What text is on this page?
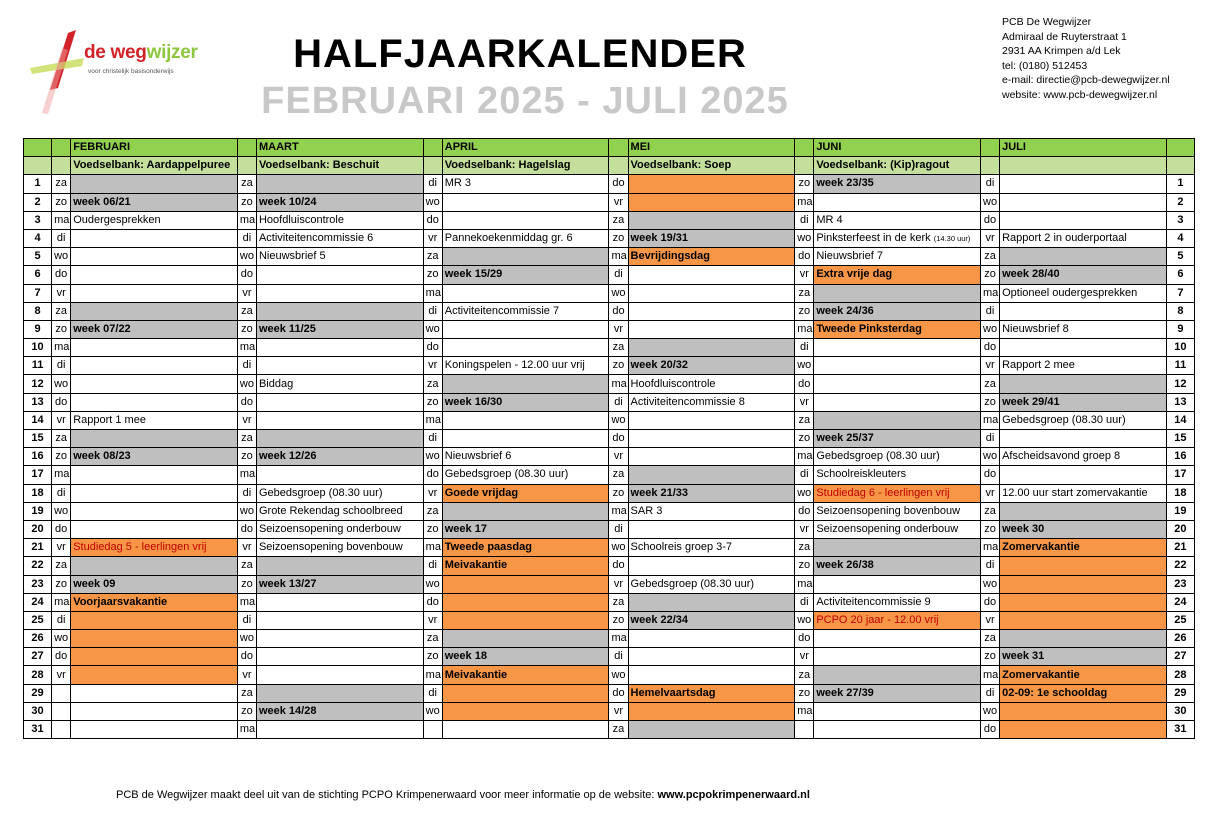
de wegwijzer
voor christelijk basisonderwijs	HALFJAARKALENDER
FEBRUARI 2025 - JULI 2025
PCB De Wegwijzer
Admiraal de Ruyterstraat 1
2931 AA Krimpen a/d Lek
tel: (0180) 512453
e-mail: directie@pcb-dewegwijzer.nl
website: www.pcb-dewegwijzer.nl
		FEBRUARI		MAART		APRIL		MEI		JUNI		JULI	
		Voedselbank: Aardappelpuree		Voedselbank: Beschuit		Voedselbank: Hagelslag		Voedselbank: Soep		Voedselbank: (Kip)ragout			
1	za		za		di	MR 3	do		zo	week 23/35	di		1
2	zo	week 06/21	zo	week 10/24	wo		vr		ma		wo		2
3	ma	Oudergesprekken	ma	Hoofdluiscontrole	do		za		di	MR 4	do		3
4	di		di	Activiteitencommissie 6	vr	Pannekoekenmiddag gr. 6	zo	week 19/31	wo	Pinksterfeest in de kerk (14.30 uur)	vr	Rapport 2 in ouderportaal	4
5	wo		wo	Nieuwsbrief 5	za		ma	Bevrijdingsdag	do	Nieuwsbrief 7	za		5
6	do		do		zo	week 15/29	di		vr	Extra vrije dag	zo	week 28/40	6
7	vr		vr		ma		wo		za		ma	Optioneel oudergesprekken	7
8	za		za		di	Activiteitencommissie 7	do		zo	week 24/36	di		8
9	zo	week 07/22	zo	week 11/25	wo		vr		ma	Tweede Pinksterdag	wo	Nieuwsbrief 8	9
10	ma		ma		do		za		di		do		10
11	di		di		vr	Koningspelen - 12.00 uur vrij	zo	week 20/32	wo		vr	Rapport 2 mee	11
12	wo		wo	Biddag	za		ma	Hoofdluiscontrole	do		za		12
13	do		do		zo	week 16/30	di	Activiteitencommissie 8	vr		zo	week 29/41	13
14	vr	Rapport 1 mee	vr		ma		wo		za		ma	Gebedsgroep (08.30 uur)	14
15	za		za		di		do		zo	week 25/37	di		15
16	zo	week 08/23	zo	week 12/26	wo	Nieuwsbrief 6	vr		ma	Gebedsgroep (08.30 uur)	wo	Afscheidsavond groep 8	16
17	ma		ma		do	Gebedsgroep (08.30 uur)	za		di	Schoolreiskleuters	do		17
18	di		di	Gebedsgroep (08.30 uur)	vr	Goede vrijdag	zo	week 21/33	wo	Studiedag 6 - leerlingen vrij	vr	12.00 uur start zomervakantie	18
19	wo		wo	Grote Rekendag schoolbreed	za		ma	SAR 3	do	Seizoensopening bovenbouw	za		19
20	do		do	Seizoensopening onderbouw	zo	week 17	di		vr	Seizoensopening onderbouw	zo	week 30	20
21	vr	Studiedag 5 - leerlingen vrij	vr	Seizoensopening bovenbouw	ma	Tweede paasdag	wo	Schoolreis groep 3-7	za		ma	Zomervakantie	21
22	za		za		di	Meivakantie	do		zo	week 26/38	di		22
23	zo	week 09	zo	week 13/27	wo		vr	Gebedsgroep (08.30 uur)	ma		wo		23
24	ma	Voorjaarsvakantie	ma		do		za		di	Activiteitencommissie 9	do		24
25	di		di		vr		zo	week 22/34	wo	PCPO 20 jaar - 12.00 vrij	vr		25
26	wo		wo		za		ma		do		za		26
27	do		do		zo	week 18	di		vr		zo	week 31	27
28	vr		vr		ma	Meivakantie	wo		za		ma	Zomervakantie	28
29			za		di		do	Hemelvaartsdag	zo	week 27/39	di	02-09: 1e schooldag	29
30			zo	week 14/28	wo		vr		ma		wo		30
31			ma				za				do		31
PCB de Wegwijzer maakt deel uit van de stichting PCPO Krimpenerwaard voor meer informatie op de website: www.pcpokrimpenerwaard.nl
